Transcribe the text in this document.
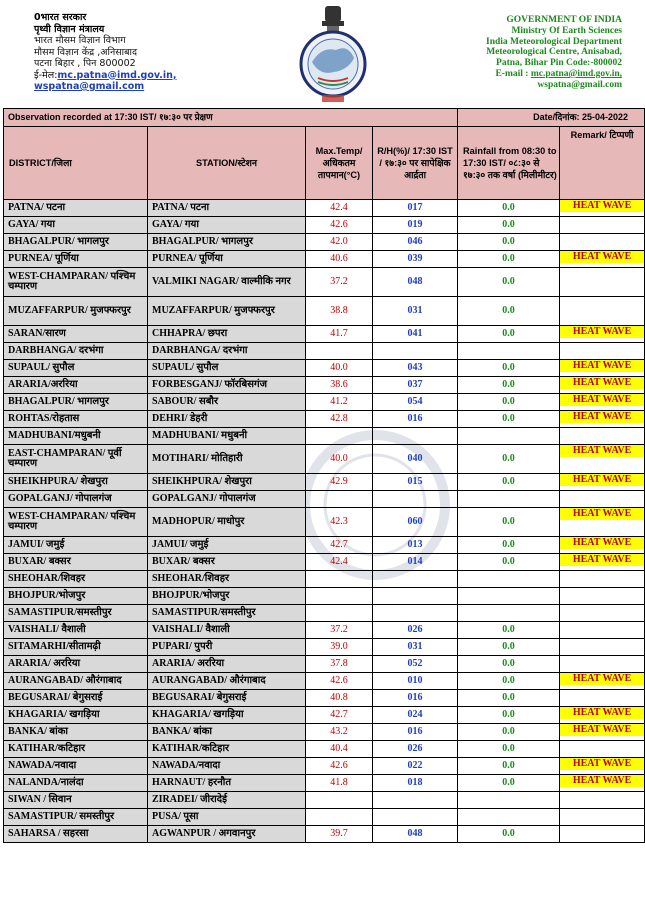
0भारत सरकार
पृथ्वी विज्ञान मंत्रालय
भारत मौसम विज्ञान विभाग
मौसम विज्ञान केंद्र ,अनिसाबाद
पटना बिहार , पिन 800002
ई-मेल:mc.patna@imd.gov.in,
wspatna@gmail.com
GOVERNMENT OF INDIA
Ministry Of Earth Sciences
India Meteorological Department
Meteorological Centre, Anisabad,
Patna, Bihar Pin Code:-800002
E-mail : mc.patna@imd.gov.in,
wspatna@gmail.com
Observation recorded at 17:30 IST/ १७:३० पर प्रेक्षण				Date/दिनांक: 25-04-2022	
DISTRICT/जिला	STATION/स्टेशन	Max.Temp/ अधिकतम तापमान(°C)	R/H(%)/ 17:30 IST / १७:३० पर सापेक्षिक आर्द्रता	Rainfall from 08:30 to 17:30 IST/ ०८:३० से १७:३० तक वर्षा (मिलीमीटर)	Remark/ टिप्पणी
PATNA/ पटना	PATNA/ पटना	42.4	017	0.0	HEAT WAVE

GAYA/ गया	GAYA/ गया	42.6	019	0.0	
BHAGALPUR/ भागलपुर	BHAGALPUR/ भागलपुर	42.0	046	0.0	
PURNEA/ पूर्णिया	PURNEA/ पूर्णिया	40.6	039	0.0	HEAT WAVE

WEST-CHAMPARAN/ पश्चिम चम्पारण	VALMIKI NAGAR/ वाल्मीकि नगर	37.2	048	0.0	
MUZAFFARPUR/ मुजफ्फरपुर	MUZAFFARPUR/ मुजफ्फरपुर	38.8	031	0.0	
SARAN/सारण	CHHAPRA/ छपरा	41.7	041	0.0	HEAT WAVE

DARBHANGA/ दरभंगा	DARBHANGA/ दरभंगा				
SUPAUL/ सुपौल	SUPAUL/ सुपौल	40.0	043	0.0	HEAT WAVE

ARARIA/अररिया	FORBESGANJ/ फॉरबिसगंज	38.6	037	0.0	HEAT WAVE

BHAGALPUR/ भागलपुर	SABOUR/ सबौर	41.2	054	0.0	HEAT WAVE

ROHTAS/रोहतास	DEHRI/ डेहरी	42.8	016	0.0	HEAT WAVE

MADHUBANI/मधुबनी	MADHUBANI/ मधुबनी				
EAST-CHAMPARAN/ पूर्वी चम्पारण	MOTIHARI/ मोतिहारी	40.0	040	0.0	HEAT WAVE

SHEIKHPURA/ शेखपुरा	SHEIKHPURA/ शेखपुरा	42.9	015	0.0	HEAT WAVE

GOPALGANJ/ गोपालगंज	GOPALGANJ/ गोपालगंज				
WEST-CHAMPARAN/ पश्चिम चम्पारण	MADHOPUR/ माधोपुर	42.3	060	0.0	HEAT WAVE

JAMUI/ जमुई	JAMUI/ जमुई	42.7	013	0.0	HEAT WAVE

BUXAR/ बक्सर	BUXAR/ बक्सर	42.4	014	0.0	HEAT WAVE

SHEOHAR/शिवहर	SHEOHAR/शिवहर				
BHOJPUR/भोजपुर	BHOJPUR/भोजपुर				
SAMASTIPUR/समस्तीपुर	SAMASTIPUR/समस्तीपुर				
VAISHALI/ वैशाली	VAISHALI/ वैशाली	37.2	026	0.0	
SITAMARHI/सीतामढ़ी	PUPARI/ पुपरी	39.0	031	0.0	
ARARIA/ अररिया	ARARIA/ अररिया	37.8	052	0.0	
AURANGABAD/ औरंगाबाद	AURANGABAD/ औरंगाबाद	42.6	010	0.0	HEAT WAVE

BEGUSARAI/ बेगुसराई	BEGUSARAI/ बेगुसराई	40.8	016	0.0	
KHAGARIA/ खगड़िया	KHAGARIA/ खगड़िया	42.7	024	0.0	HEAT WAVE

BANKA/ बांका	BANKA/ बांका	43.2	016	0.0	HEAT WAVE

KATIHAR/कटिहार	KATIHAR/कटिहार	40.4	026	0.0	
NAWADA/नवादा	NAWADA/नवादा	42.6	022	0.0	HEAT WAVE

NALANDA/नालंदा	HARNAUT/ हरनौत	41.8	018	0.0	HEAT WAVE

SIWAN / सिवान	ZIRADEI/ जीरादेई				
SAMASTIPUR/ समस्तीपुर	PUSA/ पूसा				
SAHARSA / सहरसा	AGWANPUR / अगवानपुर	39.7	048	0.0	
